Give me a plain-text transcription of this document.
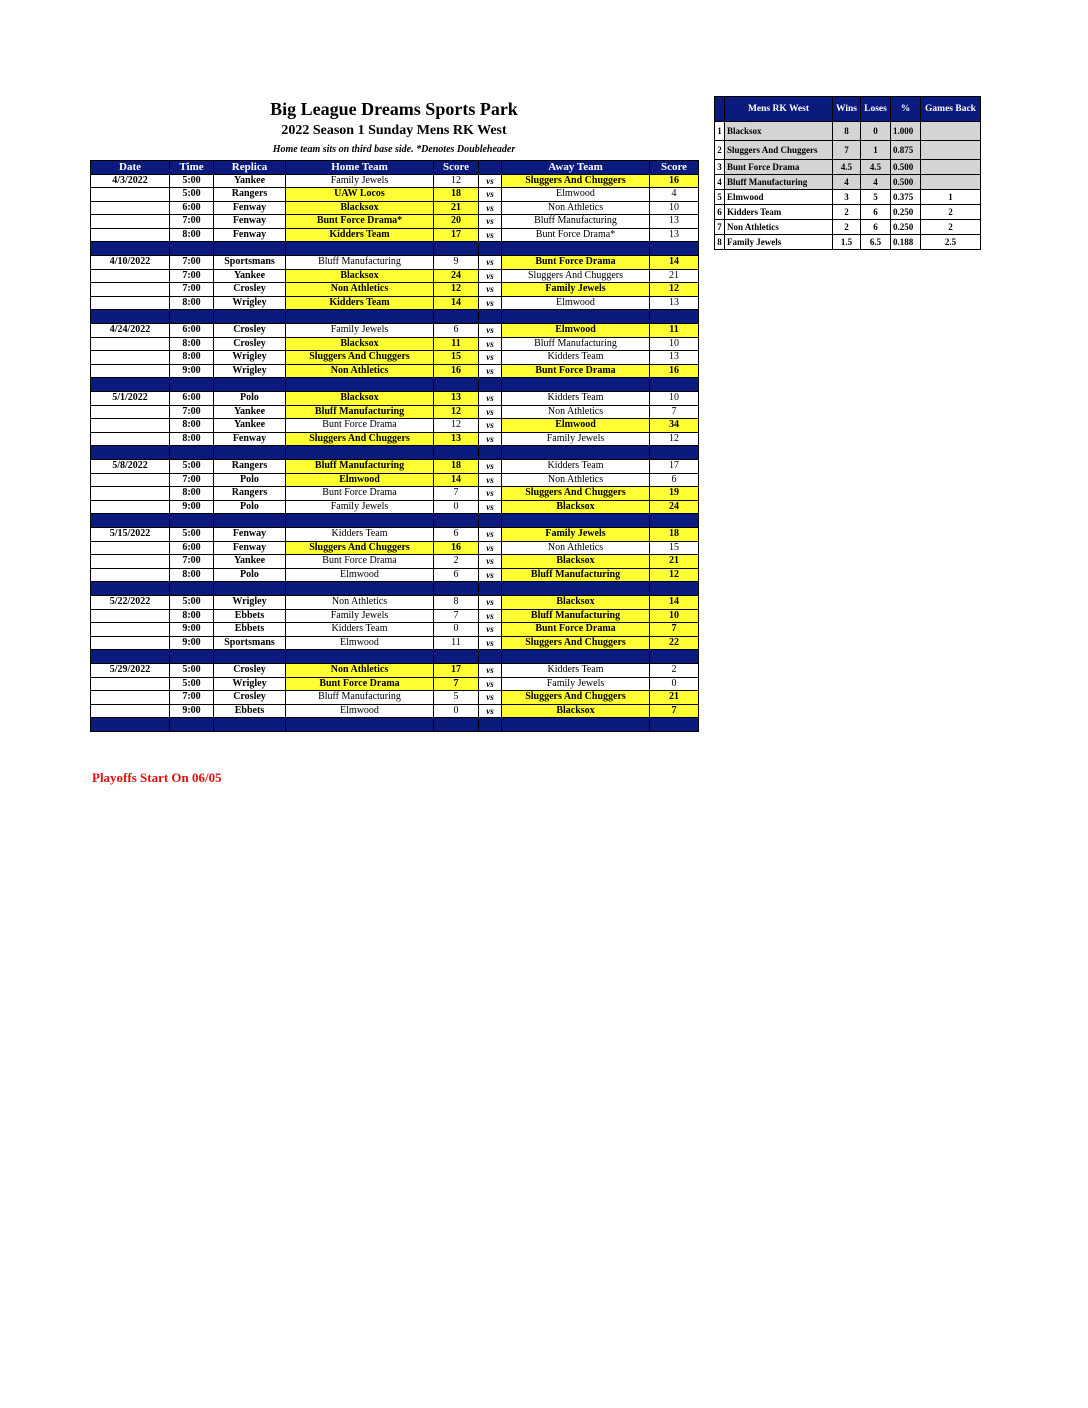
Big League Dreams Sports Park
2022 Season 1 Sunday Mens RK West
Home team sits on third base side. *Denotes Doubleheader
Date	Time	Replica	Home Team	Score		Away Team	Score
4/3/2022	5:00	Yankee	Family Jewels	12	vs	Sluggers And Chuggers	16
	5:00	Rangers	UAW Locos	18	vs	Elmwood	4
	6:00	Fenway	Blacksox	21	vs	Non Athletics	10
	7:00	Fenway	Bunt Force Drama*	20	vs	Bluff Manufacturing	13
	8:00	Fenway	Kidders Team	17	vs	Bunt Force Drama*	13

4/10/2022	7:00	Sportsmans	Bluff Manufacturing	9	vs	Bunt Force Drama	14
	7:00	Yankee	Blacksox	24	vs	Sluggers And Chuggers	21
	7:00	Crosley	Non Athletics	12	vs	Family Jewels	12
	8:00	Wrigley	Kidders Team	14	vs	Elmwood	13

4/24/2022	6:00	Crosley	Family Jewels	6	vs	Elmwood	11
	8:00	Crosley	Blacksox	11	vs	Bluff Manufacturing	10
	8:00	Wrigley	Sluggers And Chuggers	15	vs	Kidders Team	13
	9:00	Wrigley	Non Athletics	16	vs	Bunt Force Drama	16

5/1/2022	6:00	Polo	Blacksox	13	vs	Kidders Team	10
	7:00	Yankee	Bluff Manufacturing	12	vs	Non Athletics	7
	8:00	Yankee	Bunt Force Drama	12	vs	Elmwood	34
	8:00	Fenway	Sluggers And Chuggers	13	vs	Family Jewels	12

5/8/2022	5:00	Rangers	Bluff Manufacturing	18	vs	Kidders Team	17
	7:00	Polo	Elmwood	14	vs	Non Athletics	6
	8:00	Rangers	Bunt Force Drama	7	vs	Sluggers And Chuggers	19
	9:00	Polo	Family Jewels	0	vs	Blacksox	24

5/15/2022	5:00	Fenway	Kidders Team	6	vs	Family Jewels	18
	6:00	Fenway	Sluggers And Chuggers	16	vs	Non Athletics	15
	7:00	Yankee	Bunt Force Drama	2	vs	Blacksox	21
	8:00	Polo	Elmwood	6	vs	Bluff Manufacturing	12

5/22/2022	5:00	Wrigley	Non Athletics	8	vs	Blacksox	14
	8:00	Ebbets	Family Jewels	7	vs	Bluff Manufacturing	10
	9:00	Ebbets	Kidders Team	0	vs	Bunt Force Drama	7
	9:00	Sportsmans	Elmwood	11	vs	Sluggers And Chuggers	22

5/29/2022	5:00	Crosley	Non Athletics	17	vs	Kidders Team	2
	5:00	Wrigley	Bunt Force Drama	7	vs	Family Jewels	0
	7:00	Crosley	Bluff Manufacturing	5	vs	Sluggers And Chuggers	21
	9:00	Ebbets	Elmwood	0	vs	Blacksox	7

Playoffs Start On 06/05
	Mens RK West	Wins	Loses	%	Games Back
1	Blacksox	8	0	1.000	
2	Sluggers And Chuggers	7	1	0.875	
3	Bunt Force Drama	4.5	4.5	0.500	
4	Bluff Manufacturing	4	4	0.500	
5	Elmwood	3	5	0.375	1
6	Kidders Team	2	6	0.250	2
7	Non Athletics	2	6	0.250	2
8	Family Jewels	1.5	6.5	0.188	2.5
